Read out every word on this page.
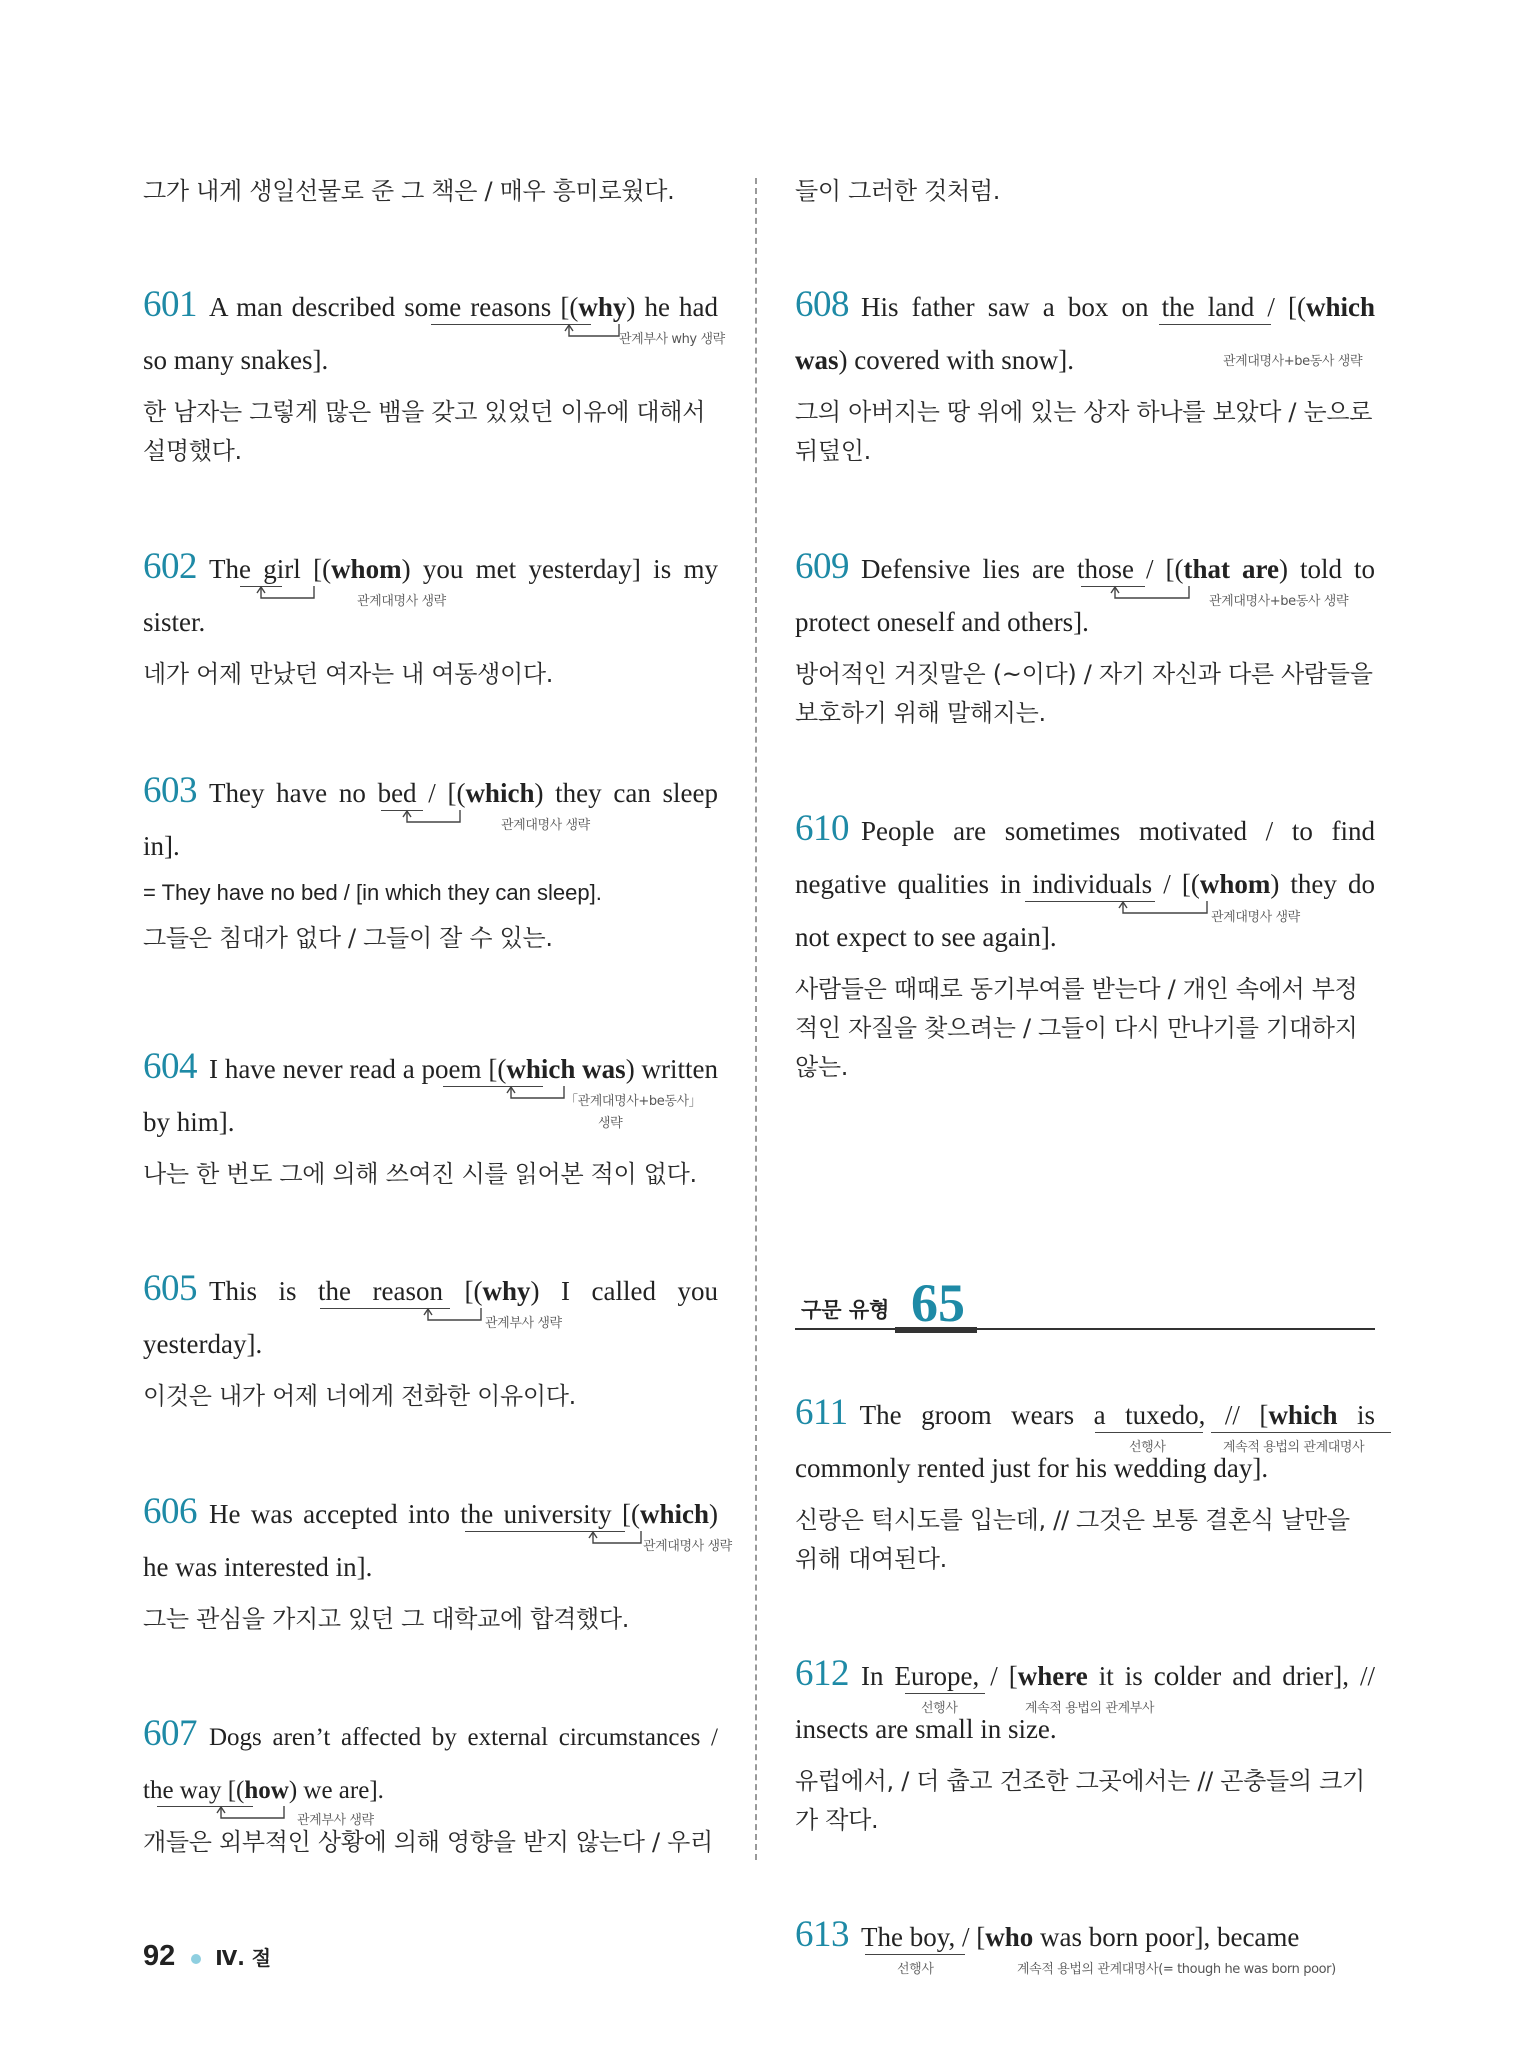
그가 내게 생일선물로 준 그 책은 / 매우 흥미로웠다.

601 A man described some reasons [(why) he had so many snakes].

관계부사 why 생략

한 남자는 그렇게 많은 뱀을 갖고 있었던 이유에 대해서 설명했다.

602 The girl [(whom) you met yesterday] is my sister.

관계대명사 생략

네가 어제 만났던 여자는 내 여동생이다.

603 They have no bed / [(which) they can sleep in].

관계대명사 생략

= They have no bed / [in which they can sleep].

그들은 침대가 없다 / 그들이 잘 수 있는.

604 I have never read a poem [(which was) written by him].

「관계대명사+be동사」
생략

나는 한 번도 그에 의해 쓰여진 시를 읽어본 적이 없다.

605 This is the reason [(why) I called you yesterday].

관계부사 생략

이것은 내가 어제 너에게 전화한 이유이다.

606 He was accepted into the university [(which) he was interested in].

관계대명사 생략

그는 관심을 가지고 있던 그 대학교에 합격했다.

607 Dogs aren’t affected by external circumstances / the way [(how) we are].

관계부사 생략

개들은 외부적인 상황에 의해 영향을 받지 않는다 / 우리

들이 그러한 것처럼.

608 His father saw a box on the land / [(which was) covered with snow].	관계대명사+be동사 생략

그의 아버지는 땅 위에 있는 상자 하나를 보았다 / 눈으로 뒤덮인.

609 Defensive lies are those / [(that are) told to protect oneself and others].

관계대명사+be동사 생략

방어적인 거짓말은 (~이다) / 자기 자신과 다른 사람들을 보호하기 위해 말해지는.

610 People are sometimes motivated / to find negative qualities in individuals / [(whom) they do not expect to see again].

관계대명사 생략

사람들은 때때로 동기부여를 받는다 / 개인 속에서 부정적인 자질을 찾으려는 / 그들이 다시 만나기를 기대하지 않는.

구문 유형 65

611 The groom wears a tuxedo, // [which is commonly rented just for his wedding day].

선행사	계속적 용법의 관계대명사

신랑은 턱시도를 입는데, // 그것은 보통 결혼식 날만을 위해 대여된다.

612 In Europe, / [where it is colder and drier], // insects are small in size.

선행사	계속적 용법의 관계부사

유럽에서, / 더 춥고 건조한 그곳에서는 // 곤충들의 크기가 작다.

613 The boy, / [who was born poor], became

선행사	계속적 용법의 관계대명사(= though he was born poor)
92 Ⅳ. 절
